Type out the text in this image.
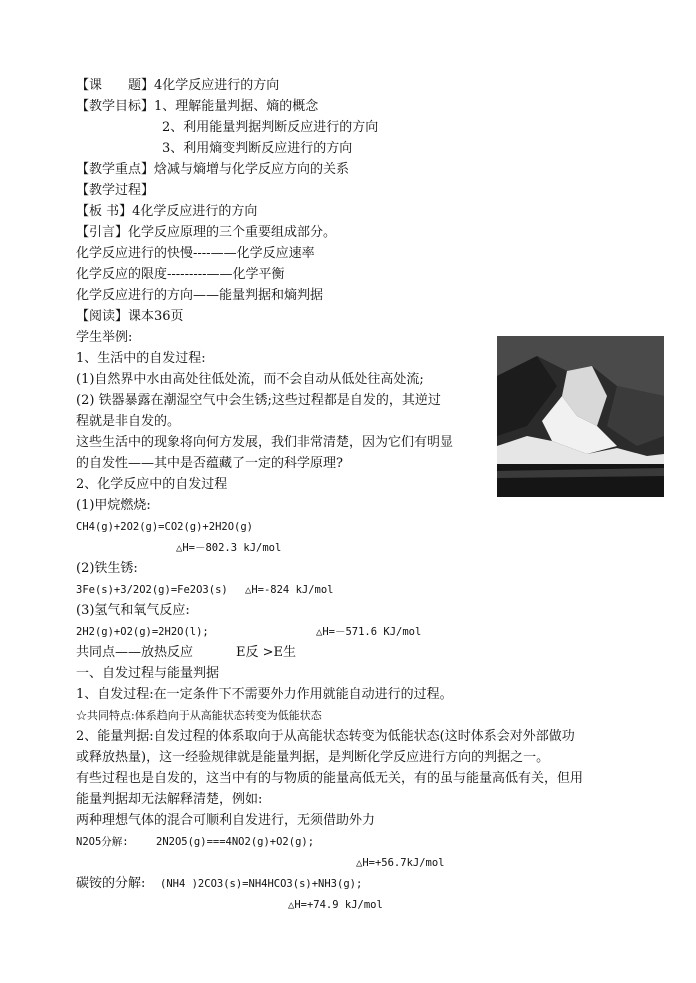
【课　　题】4化学反应进行的方向
【教学目标】1、理解能量判据、熵的概念
2、利用能量判据判断反应进行的方向
3、利用熵变判断反应进行的方向
【教学重点】焓减与熵增与化学反应方向的关系
【教学过程】
【板 书】4化学反应进行的方向
【引言】化学反应原理的三个重要组成部分。
化学反应进行的快慢----——化学反应速率
化学反应的限度---------——化学平衡
化学反应进行的方向——能量判据和熵判据
【阅读】课本36页
学生举例:
1、生活中的自发过程:
(1)自然界中水由高处往低处流，而不会自动从低处往高处流;
(2) 铁器暴露在潮湿空气中会生锈;这些过程都是自发的，其逆过
程就是非自发的。
这些生活中的现象将向何方发展，我们非常清楚，因为它们有明显
的自发性——其中是否蕴藏了一定的科学原理?
2、化学反应中的自发过程
(1)甲烷燃烧:
CH4(g)+2O2(g)=CO2(g)+2H2O(g)
△H=－802.3 kJ/mol
(2)铁生锈:
3Fe(s)+3/2O2(g)=Fe2O3(s) △H=-824 kJ/mol
(3)氢气和氧气反应:
2H2(g)+O2(g)=2H2O(l);	△H=－571.6 KJ/mol
共同点——放热反应	E反 >E生
一、自发过程与能量判据
1、自发过程:在一定条件下不需要外力作用就能自动进行的过程。
☆共同特点:体系趋向于从高能状态转变为低能状态
2、能量判据:自发过程的体系取向于从高能状态转变为低能状态(这时体系会对外部做功
或释放热量)，这一经验规律就是能量判据，是判断化学反应进行方向的判据之一。
有些过程也是自发的，这当中有的与物质的能量高低无关，有的虽与能量高低有关，但用
能量判据却无法解释清楚，例如:
两种理想气体的混合可顺利自发进行，无须借助外力
N2O5分解:	2N2O5(g)===4NO2(g)+O2(g);
△H=+56.7kJ/mol
碳铵的分解: (NH4 )2CO3(s)=NH4HCO3(s)+NH3(g);
△H=+74.9 kJ/mol
